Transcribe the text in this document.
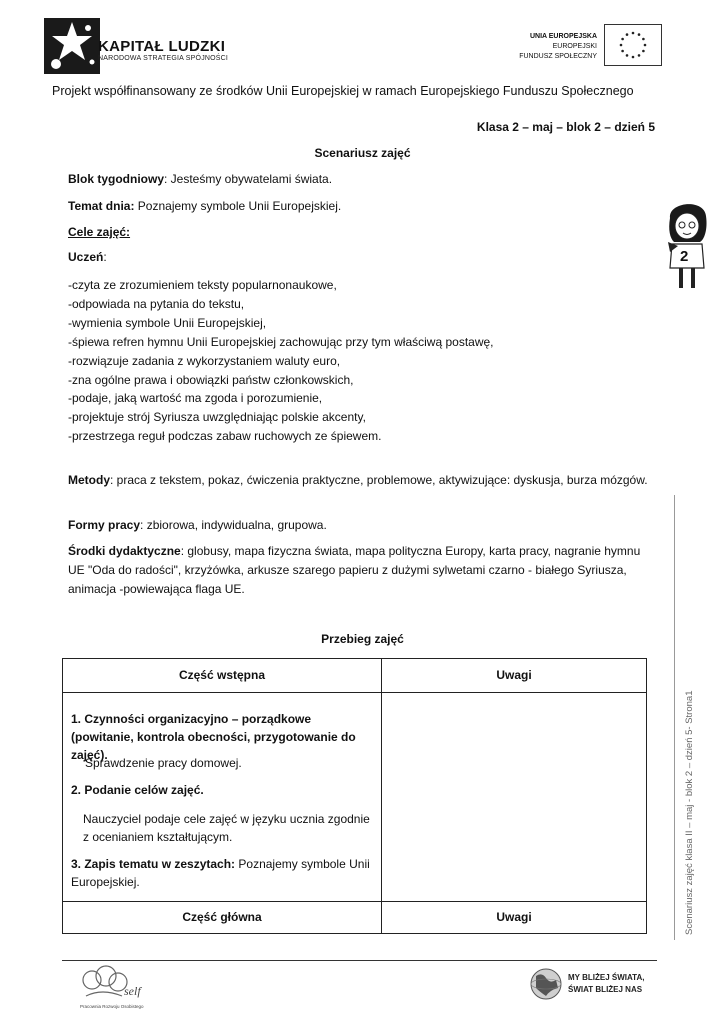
KAPITAŁ LUDZKI
NARODOWA STRATEGIA SPÓJNOŚCI
UNIA EUROPEJSKA
EUROPEJSKI
FUNDUSZ SPOŁECZNY
Projekt współfinansowany ze środków Unii Europejskiej w ramach Europejskiego Funduszu Społecznego
Klasa 2 – maj – blok 2 – dzień 5
Scenariusz zajęć
Blok tygodniowy: Jesteśmy obywatelami świata.
Temat dnia: Poznajemy symbole Unii Europejskiej.
Cele zajęć:
Uczeń:
-czyta ze zrozumieniem teksty popularnonaukowe,
-odpowiada na pytania do tekstu,
-wymienia symbole Unii Europejskiej,
-śpiewa refren hymnu Unii Europejskiej zachowując przy tym właściwą postawę,
-rozwiązuje zadania z wykorzystaniem waluty euro,
-zna ogólne prawa i obowiązki państw członkowskich,
-podaje, jaką wartość ma zgoda i porozumienie,
-projektuje strój Syriusza uwzględniając polskie akcenty,
-przestrzega reguł podczas zabaw ruchowych ze śpiewem.
Metody: praca z tekstem, pokaz, ćwiczenia praktyczne, problemowe, aktywizujące: dyskusja, burza mózgów.
Formy pracy: zbiorowa, indywidualna, grupowa.
Środki dydaktyczne: globusy, mapa fizyczna świata, mapa polityczna Europy, karta pracy, nagranie hymnu UE "Oda do radości", krzyżówka, arkusze szarego papieru z dużymi sylwetami czarno - białego Syriusza, animacja -powiewająca flaga UE.
Przebieg zajęć
Część wstępna	Uwagi
1. Czynności organizacyjno – porządkowe (powitanie, kontrola obecności, przygotowanie do zajęć).
Sprawdzenie pracy domowej.
2. Podanie celów zajęć.
Nauczyciel podaje cele zajęć w języku ucznia zgodnie z ocenianiem kształtującym.
3. Zapis tematu w zeszytach: Poznajemy symbole Unii Europejskiej.
Część główna	Uwagi	Scenariusz zajęć klasa II – maj - blok 2 – dzień 5- Strona1
2
self
Pracownia Rozwoju Osobistego
MY BLIŻEJ ŚWIATA,
ŚWIAT BLIŻEJ NAS
